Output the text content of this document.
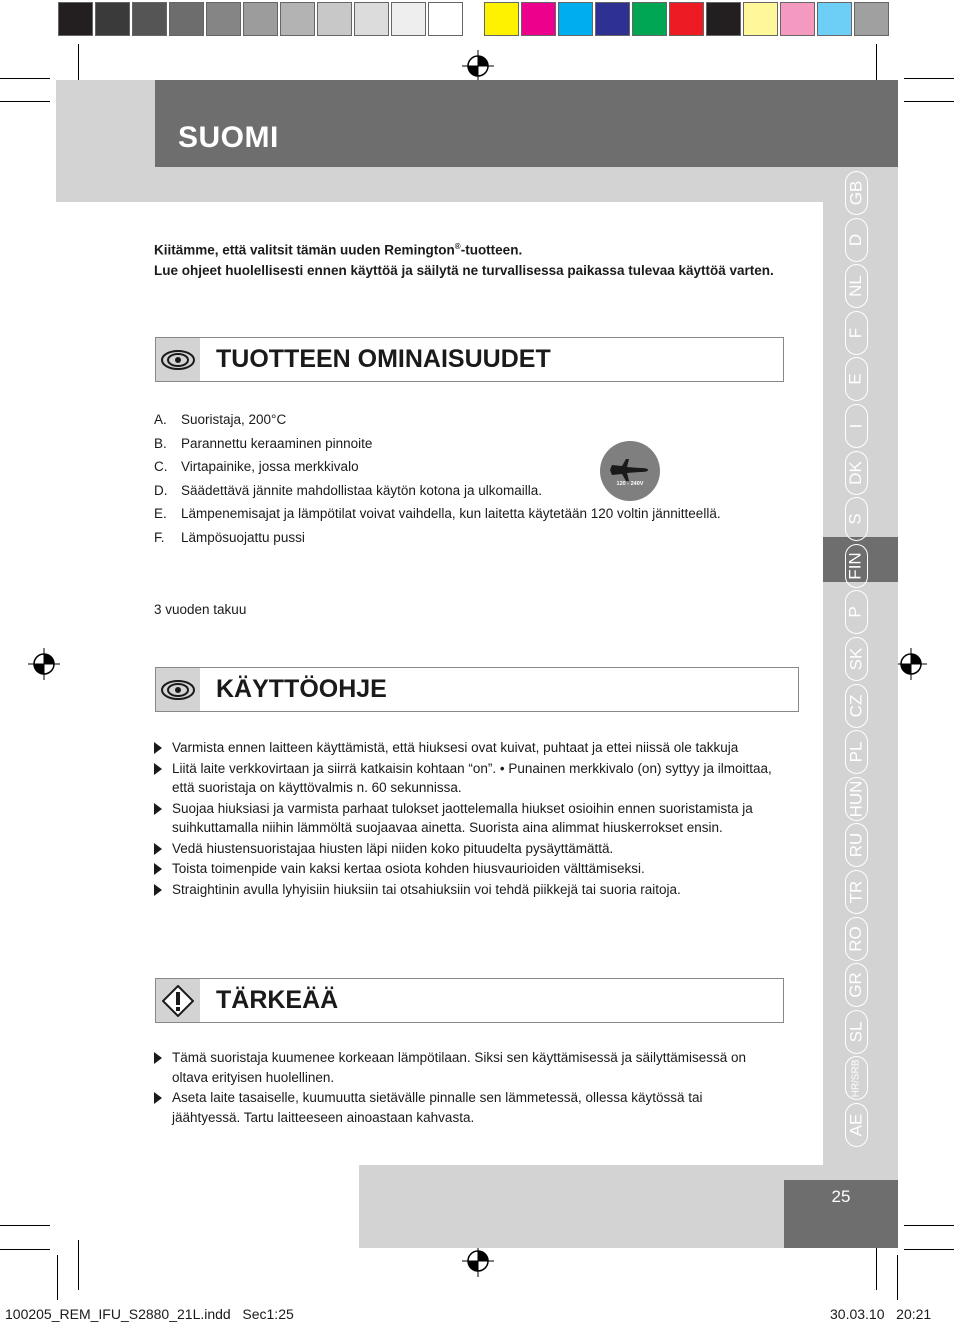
SUOMI
GB
D
NL
F
E
I
DK
S
FIN
P
SK
CZ
PL
HUN
RU
TR
RO
GR
SL
HR/SRB
AE
Kiitämme, että valitsit tämän uuden Remington®-tuotteen.
Lue ohjeet huolellisesti ennen käyttöä ja säilytä ne turvallisessa paikassa tulevaa käyttöä varten.
TUOTTEEN OMINAISUUDET
A.	Suoristaja, 200°C
B.	Parannettu keraaminen pinnoite
C.	Virtapainike, jossa merkkivalo
D.	Säädettävä jännite mahdollistaa käytön kotona ja ulkomailla.
E.	Lämpenemisajat ja lämpötilat voivat vaihdella, kun laitetta käytetään 120 voltin jännitteellä.
F.	Lämpösuojattu pussi
120 - 240V
3 vuoden takuu
KÄYTTÖOHJE
Varmista ennen laitteen käyttämistä, että hiuksesi ovat kuivat, puhtaat ja ettei niissä ole takkuja
Liitä laite verkkovirtaan ja siirrä katkaisin kohtaan “on”. • Punainen merkkivalo (on) syttyy ja ilmoittaa, että suoristaja on käyttövalmis n. 60 sekunnissa.
Suojaa hiuksiasi ja varmista parhaat tulokset jaottelemalla hiukset osioihin ennen suoristamista ja suihkuttamalla niihin lämmöltä suojaavaa ainetta. Suorista aina alimmat hiuskerrokset ensin.
Vedä hiustensuoristajaa hiusten läpi niiden koko pituudelta pysäyttämättä.
Toista toimenpide vain kaksi kertaa osiota kohden hiusvaurioiden välttämiseksi.
Straightinin avulla lyhyisiin hiuksiin tai otsahiuksiin voi tehdä piikkejä tai suoria raitoja.
TÄRKEÄÄ
Tämä suoristaja kuumenee korkeaan lämpötilaan. Siksi sen käyttämisessä ja säilyttämisessä on oltava erityisen huolellinen.
Aseta laite tasaiselle, kuumuutta sietävälle pinnalle sen lämmetessä, ollessa käytössä tai jäähtyessä. Tartu laitteeseen ainoastaan kahvasta.
25
100205_REM_IFU_S2880_21L.indd   Sec1:25	30.03.10   20:21
